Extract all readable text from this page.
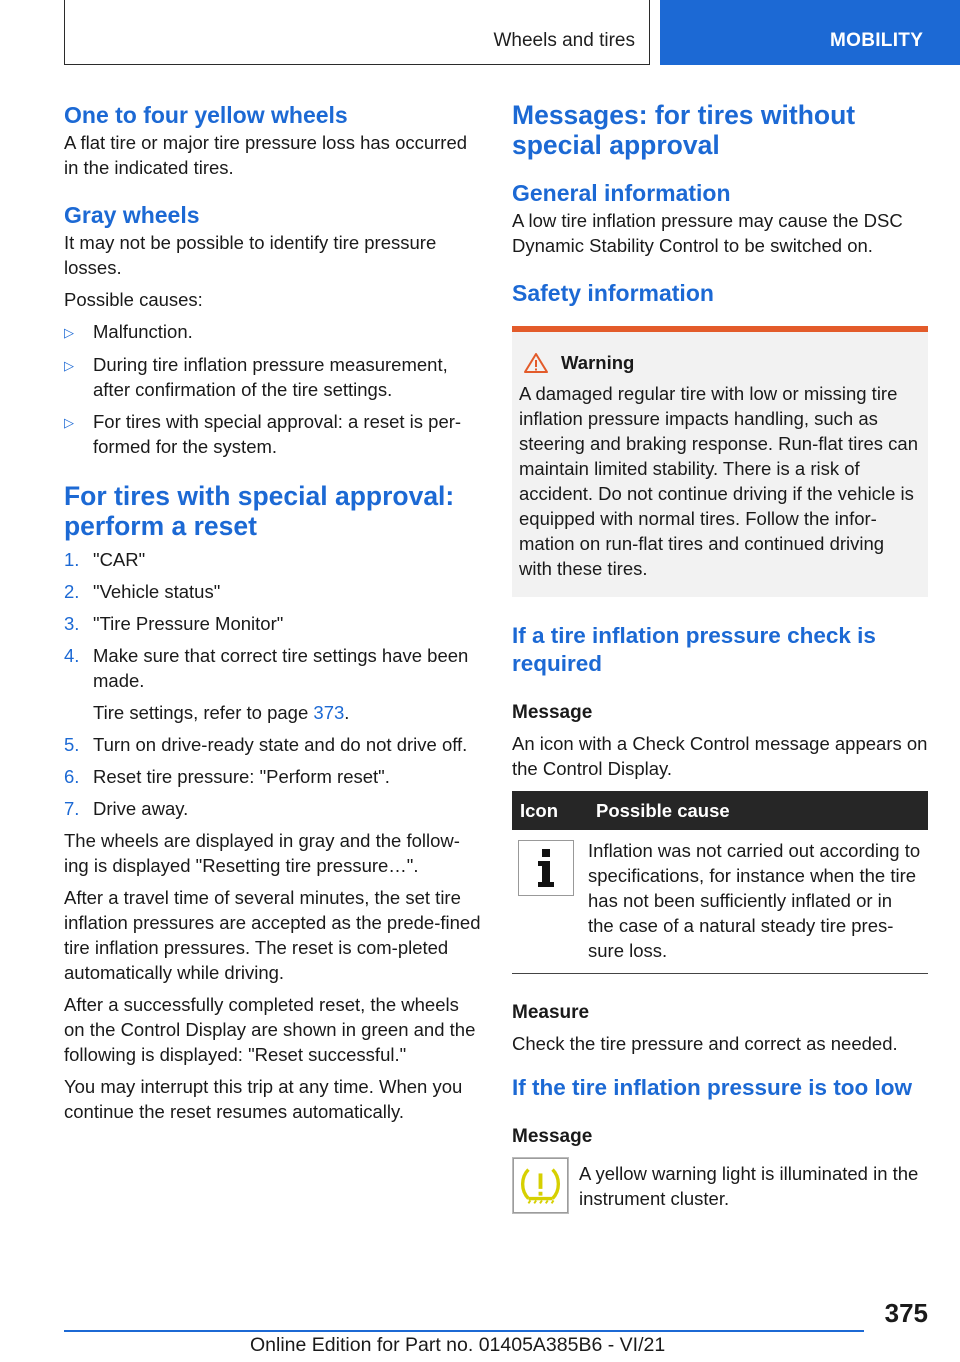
Wheels and tires	MOBILITY
One to four yellow wheels

A flat tire or major tire pressure loss has occurred in the indicated tires.

Gray wheels

It may not be possible to identify tire pressure losses.

Possible causes:

▷	Malfunction.
▷	During tire inflation pressure measurement, after confirmation of the tire settings.
▷	For tires with special approval: a reset is per‐formed for the system.
For tires with special approval: perform a reset
1. "CAR"
2. "Vehicle status"
3. "Tire Pressure Monitor"
4. Make sure that correct tire settings have been made.
Tire settings, refer to page 373.
5. Turn on drive-ready state and do not drive off.
6. Reset tire pressure: "Perform reset".
7. Drive away.

The wheels are displayed in gray and the follow‐ing is displayed "Resetting tire pressure…".

After a travel time of several minutes, the set tire inflation pressures are accepted as the prede‐fined tire inflation pressures. The reset is com‐pleted automatically while driving.

After a successfully completed reset, the wheels on the Control Display are shown in green and the following is displayed: "Reset successful."

You may interrupt this trip at any time. When you continue the reset resumes automatically.

Messages: for tires without special approval
General information

A low tire inflation pressure may cause the DSC Dynamic Stability Control to be switched on.

Safety information
Warning
A damaged regular tire with low or missing tire inflation pressure impacts handling, such as steering and braking response. Run-flat tires can maintain limited stability. There is a risk of accident. Do not continue driving if the vehicle is equipped with normal tires. Follow the infor‐mation on run-flat tires and continued driving with these tires.
If a tire inflation pressure check is required
Message

An icon with a Check Control message appears on the Control Display.

Icon	Possible cause
	Inflation was not carried out according to specifications, for instance when the tire has not been sufficiently inflated or in the case of a natural steady tire pres‐sure loss.
Measure

Check the tire pressure and correct as needed.

If the tire inflation pressure is too low
Message
A yellow warning light is illuminated in the instrument cluster.
375
Online Edition for Part no. 01405A385B6 - VI/21
